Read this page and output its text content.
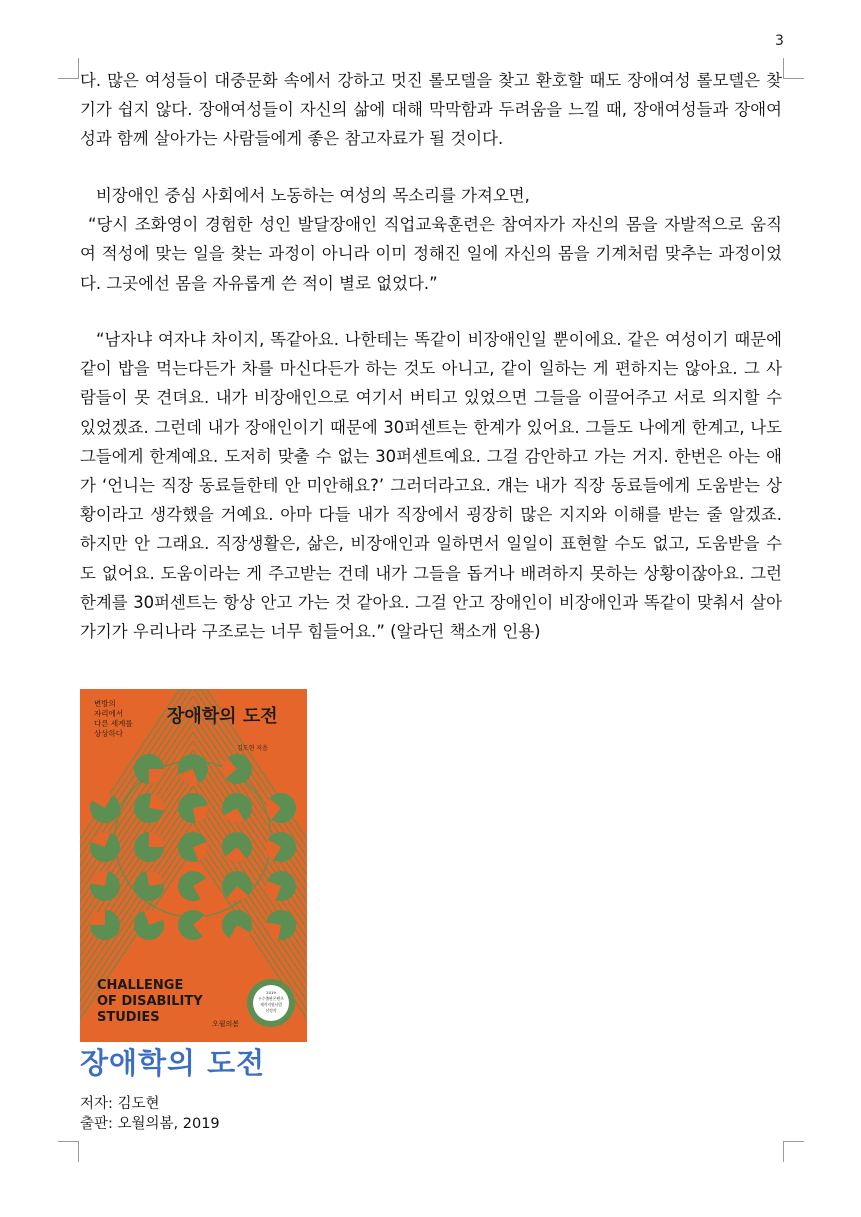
3

다. 많은 여성들이 대중문화 속에서 강하고 멋진 롤모델을 찾고 환호할 때도 장애여성 롤모델은 찾기가 쉽지 않다. 장애여성들이 자신의 삶에 대해 막막함과 두려움을 느낄 때, 장애여성들과 장애여성과 함께 살아가는 사람들에게 좋은 참고자료가 될 것이다.

비장애인 중심 사회에서 노동하는 여성의 목소리를 가져오면,

“당시 조화영이 경험한 성인 발달장애인 직업교육훈련은 참여자가 자신의 몸을 자발적으로 움직여 적성에 맞는 일을 찾는 과정이 아니라 이미 정해진 일에 자신의 몸을 기계처럼 맞추는 과정이었다. 그곳에선 몸을 자유롭게 쓴 적이 별로 없었다.”

“남자냐 여자냐 차이지, 똑같아요. 나한테는 똑같이 비장애인일 뿐이에요. 같은 여성이기 때문에 같이 밥을 먹는다든가 차를 마신다든가 하는 것도 아니고, 같이 일하는 게 편하지는 않아요. 그 사람들이 못 견뎌요. 내가 비장애인으로 여기서 버티고 있었으면 그들을 이끌어주고 서로 의지할 수 있었겠죠. 그런데 내가 장애인이기 때문에 30퍼센트는 한계가 있어요. 그들도 나에게 한계고, 나도 그들에게 한계예요. 도저히 맞출 수 없는 30퍼센트예요. 그걸 감안하고 가는 거지. 한번은 아는 애가 ‘언니는 직장 동료들한테 안 미안해요?’ 그러더라고요. 걔는 내가 직장 동료들에게 도움받는 상황이라고 생각했을 거예요. 아마 다들 내가 직장에서 굉장히 많은 지지와 이해를 받는 줄 알겠죠. 하지만 안 그래요. 직장생활은, 삶은, 비장애인과 일하면서 일일이 표현할 수도 없고, 도움받을 수도 없어요. 도움이라는 게 주고받는 건데 내가 그들을 돕거나 배려하지 못하는 상황이잖아요. 그런 한계를 30퍼센트는 항상 안고 가는 것 같아요. 그걸 안고 장애인이 비장애인과 똑같이 맞춰서 살아가기가 우리나라 구조로는 너무 힘들어요.” (알라딘 책소개 인용)

변방의
자리에서
다른 세계를
상상하다
장애학의 도전
김도현 지음
CHALLENGE
OF DISABILITY
STUDIES	오월의봄
2019
우수출판콘텐츠
제작지원사업
선정작
장애학의 도전
저자: 김도현
출판: 오월의봄, 2019
